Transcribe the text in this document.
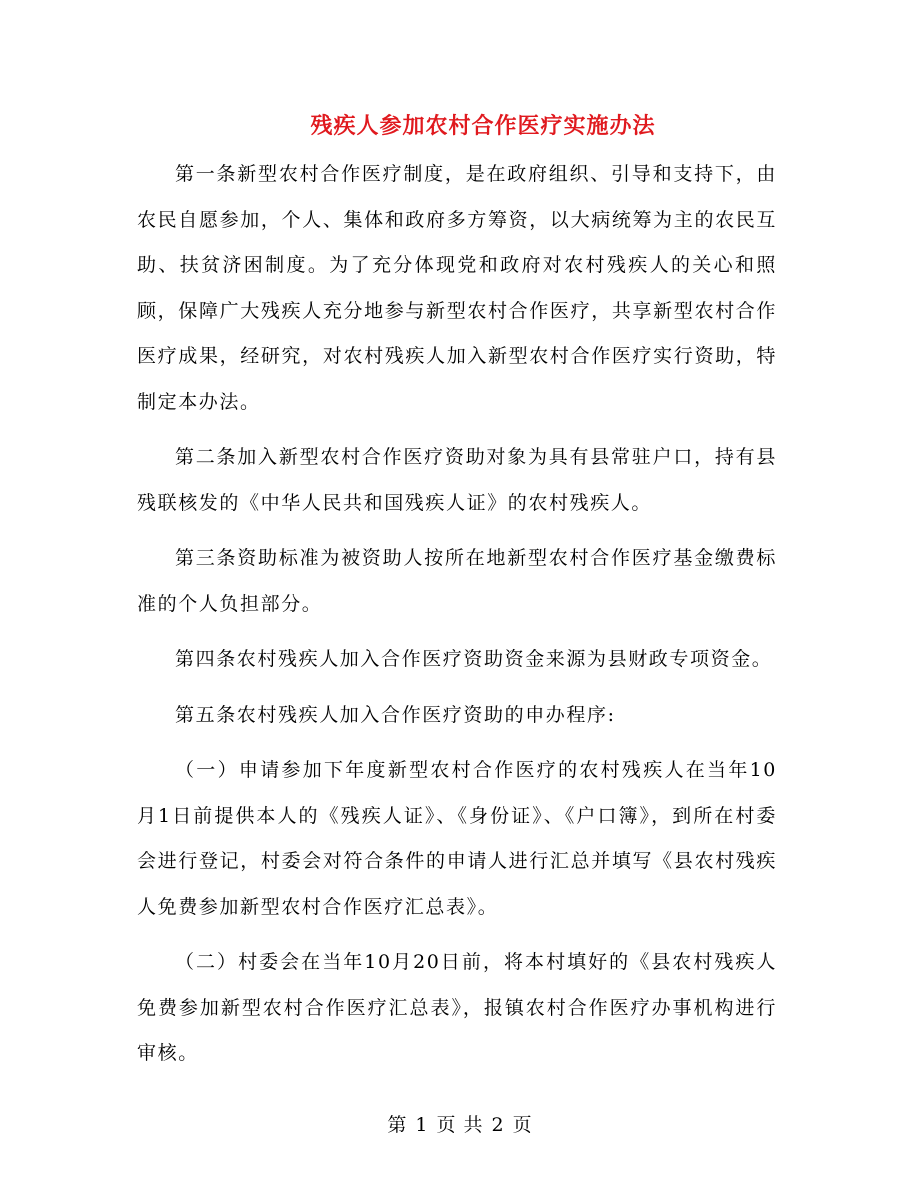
残疾人参加农村合作医疗实施办法

第一条新型农村合作医疗制度，是在政府组织、引导和支持下，由农民自愿参加，个人、集体和政府多方筹资，以大病统筹为主的农民互助、扶贫济困制度。为了充分体现党和政府对农村残疾人的关心和照顾，保障广大残疾人充分地参与新型农村合作医疗，共享新型农村合作医疗成果，经研究，对农村残疾人加入新型农村合作医疗实行资助，特制定本办法。

第二条加入新型农村合作医疗资助对象为具有县常驻户口，持有县残联核发的《中华人民共和国残疾人证》的农村残疾人。

第三条资助标准为被资助人按所在地新型农村合作医疗基金缴费标准的个人负担部分。

第四条农村残疾人加入合作医疗资助资金来源为县财政专项资金。

第五条农村残疾人加入合作医疗资助的申办程序:

（一）申请参加下年度新型农村合作医疗的农村残疾人在当年10月1日前提供本人的《残疾人证》、《身份证》、《户口簿》，到所在村委会进行登记，村委会对符合条件的申请人进行汇总并填写《县农村残疾人免费参加新型农村合作医疗汇总表》。

（二）村委会在当年10月20日前，将本村填好的《县农村残疾人免费参加新型农村合作医疗汇总表》，报镇农村合作医疗办事机构进行审核。

第 1 页 共 2 页
